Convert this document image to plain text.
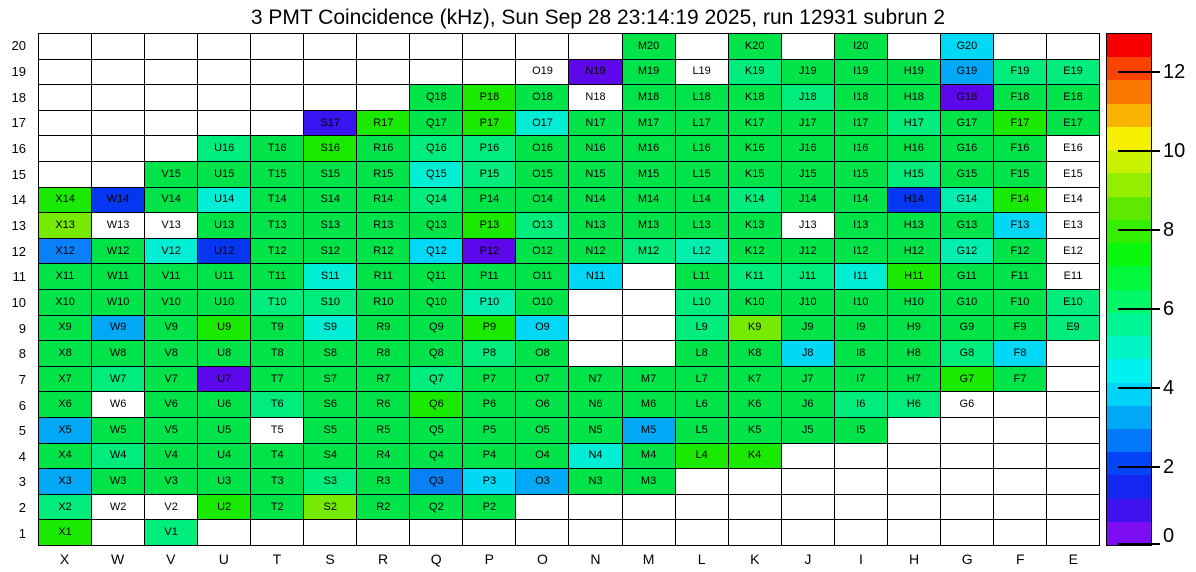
3 PMT Coincidence (kHz), Sun Sep 28 23:14:19 2025, run 12931 subrun 2
20
19
18
17
16
15
14
13
12
11
10
9
8
7
6
5
4
3
2
1
M20	K20	I20	G20
O19	N19	M19	L19	K19	J19	I19	H19	G19	F19	E19
Q18	P18	O18	N18	M18	L18	K18	J18	I18	H18	G18	F18	E18
S17	R17	Q17	P17	O17	N17	M17	L17	K17	J17	I17	H17	G17	F17	E17
U16	T16	S16	R16	Q16	P16	O16	N16	M16	L16	K16	J16	I16	H16	G16	F16	E16
V15	U15	T15	S15	R15	Q15	P15	O15	N15	M15	L15	K15	J15	I15	H15	G15	F15	E15
X14	W14	V14	U14	T14	S14	R14	Q14	P14	O14	N14	M14	L14	K14	J14	I14	H14	G14	F14	E14
X13	W13	V13	U13	T13	S13	R13	Q13	P13	O13	N13	M13	L13	K13	J13	I13	H13	G13	F13	E13
X12	W12	V12	U12	T12	S12	R12	Q12	P12	O12	N12	M12	L12	K12	J12	I12	H12	G12	F12	E12
X11	W11	V11	U11	T11	S11	R11	Q11	P11	O11	N11	L11	K11	J11	I11	H11	G11	F11	E11
X10	W10	V10	U10	T10	S10	R10	Q10	P10	O10	L10	K10	J10	I10	H10	G10	F10	E10
X9	W9	V9	U9	T9	S9	R9	Q9	P9	O9	L9	K9	J9	I9	H9	G9	F9	E9
X8	W8	V8	U8	T8	S8	R8	Q8	P8	O8	L8	K8	J8	I8	H8	G8	F8
X7	W7	V7	U7	T7	S7	R7	Q7	P7	O7	N7	M7	L7	K7	J7	I7	H7	G7	F7
X6	W6	V6	U6	T6	S6	R6	Q6	P6	O6	N6	M6	L6	K6	J6	I6	H6	G6
X5	W5	V5	U5	T5	S5	R5	Q5	P5	O5	N5	M5	L5	K5	J5	I5
X4	W4	V4	U4	T4	S4	R4	Q4	P4	O4	N4	M4	L4	K4
X3	W3	V3	U3	T3	S3	R3	Q3	P3	O3	N3	M3
X2	W2	V2	U2	T2	S2	R2	Q2	P2
X1	V1
X	W	V	U	T	S	R	Q	P	O	N	M	L	K	J	I	H	G	F	E
0
2
4
6
8
10
12
